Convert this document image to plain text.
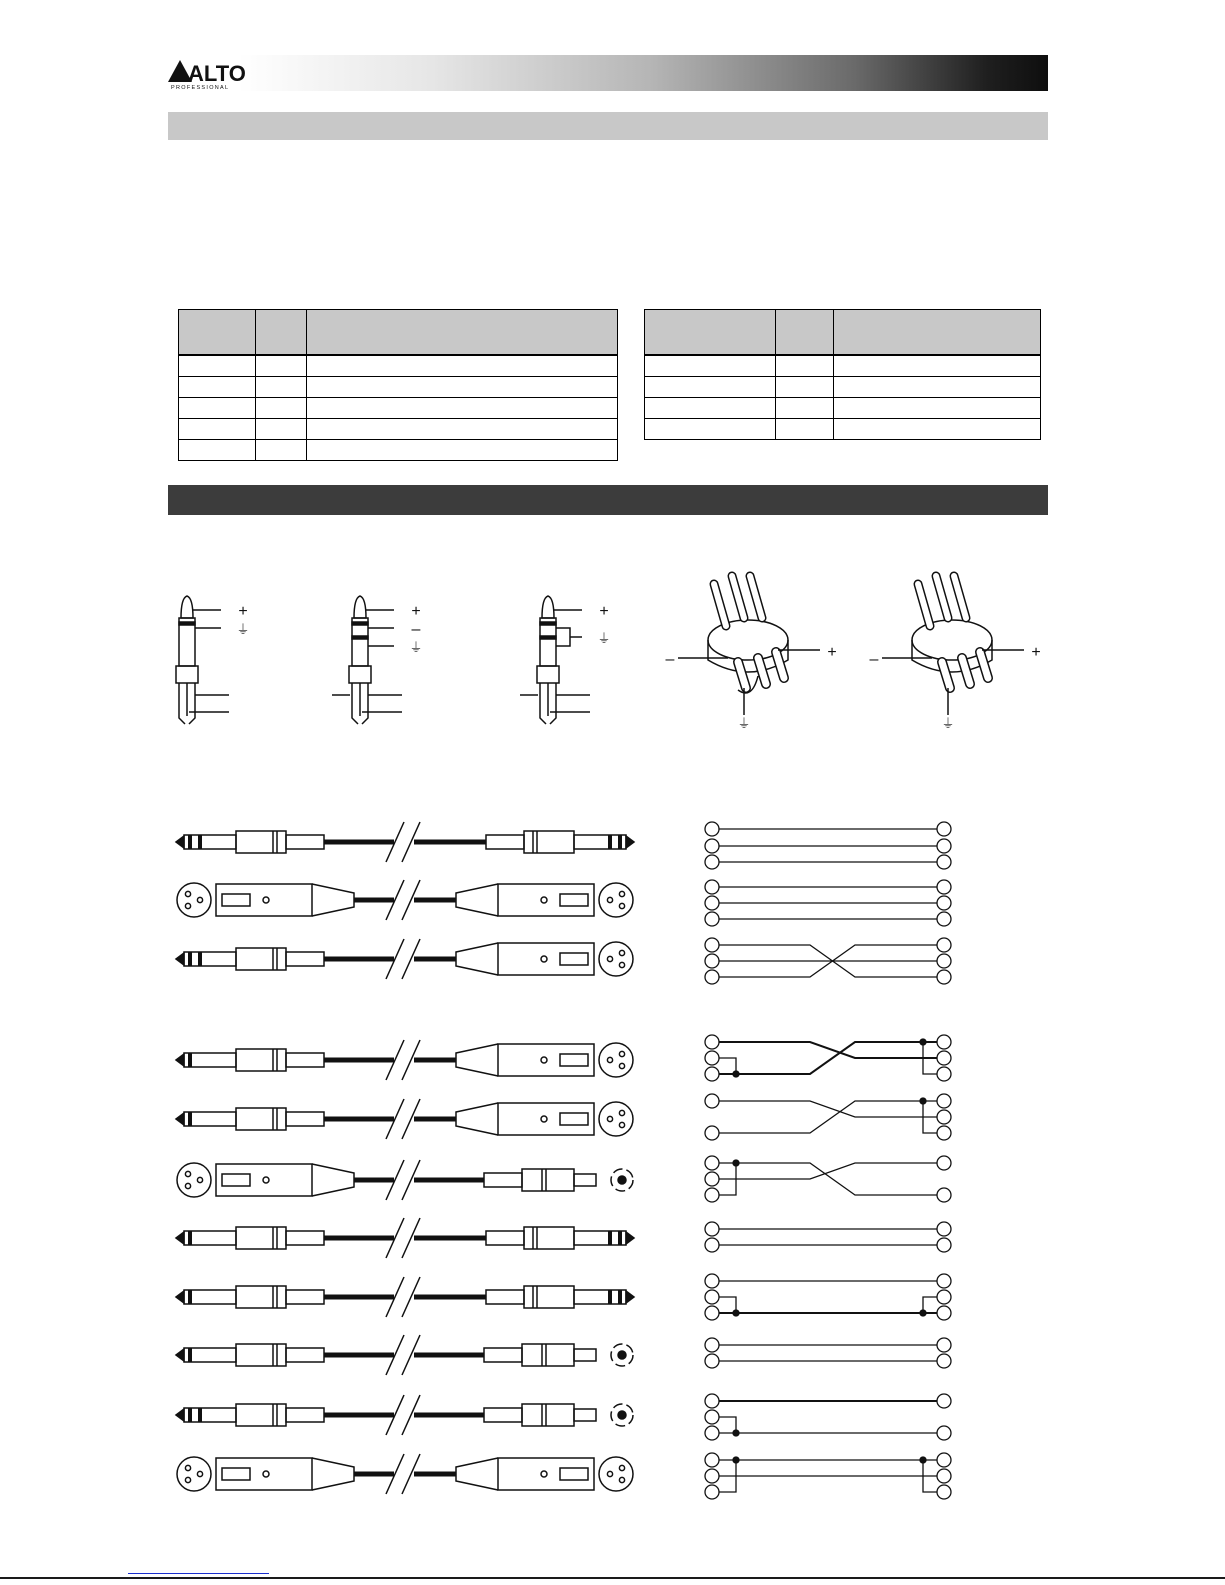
ALTO
PROFESSIONAL

+
⏚
+
–
⏚
+
⏚
–	+
⏚
–	+
⏚
